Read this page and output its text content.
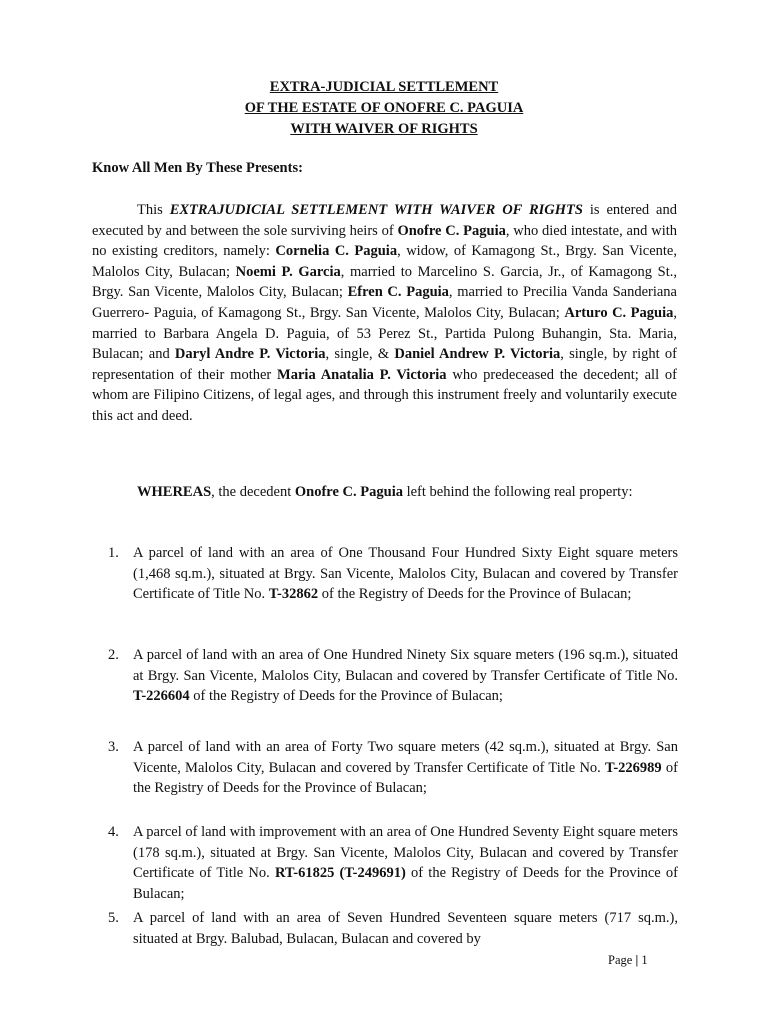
EXTRA-JUDICIAL SETTLEMENT
OF THE ESTATE OF ONOFRE C. PAGUIA
WITH WAIVER OF RIGHTS
Know All Men By These Presents:

This EXTRAJUDICIAL SETTLEMENT WITH WAIVER OF RIGHTS is entered and executed by and between the sole surviving heirs of Onofre C. Paguia, who died intestate, and with no existing creditors, namely: Cornelia C. Paguia, widow, of Kamagong St., Brgy. San Vicente, Malolos City, Bulacan; Noemi P. Garcia, married to Marcelino S. Garcia, Jr., of Kamagong St., Brgy. San Vicente, Malolos City, Bulacan; Efren C. Paguia, married to Precilia Vanda Sanderiana Guerrero- Paguia, of Kamagong St., Brgy. San Vicente, Malolos City, Bulacan; Arturo C. Paguia, married to Barbara Angela D. Paguia, of 53 Perez St., Partida Pulong Buhangin, Sta. Maria, Bulacan; and Daryl Andre P. Victoria, single, & Daniel Andrew P. Victoria, single, by right of representation of their mother Maria Anatalia P. Victoria who predeceased the decedent; all of whom are Filipino Citizens, of legal ages, and through this instrument freely and voluntarily execute this act and deed.

WHEREAS, the decedent Onofre C. Paguia left behind the following real property:

1. A parcel of land with an area of One Thousand Four Hundred Sixty Eight square meters (1,468 sq.m.), situated at Brgy. San Vicente, Malolos City, Bulacan and covered by Transfer Certificate of Title No. T-32862 of the Registry of Deeds for the Province of Bulacan;

2. A parcel of land with an area of One Hundred Ninety Six square meters (196 sq.m.), situated at Brgy. San Vicente, Malolos City, Bulacan and covered by Transfer Certificate of Title No. T-226604 of the Registry of Deeds for the Province of Bulacan;

3. A parcel of land with an area of Forty Two square meters (42 sq.m.), situated at Brgy. San Vicente, Malolos City, Bulacan and covered by Transfer Certificate of Title No. T-226989 of the Registry of Deeds for the Province of Bulacan;

4. A parcel of land with improvement with an area of One Hundred Seventy Eight square meters (178 sq.m.), situated at Brgy. San Vicente, Malolos City, Bulacan and covered by Transfer Certificate of Title No. RT-61825 (T-249691) of the Registry of Deeds for the Province of Bulacan;

5. A parcel of land with an area of Seven Hundred Seventeen square meters (717 sq.m.), situated at Brgy. Balubad, Bulacan, Bulacan and covered by

Page | 1
